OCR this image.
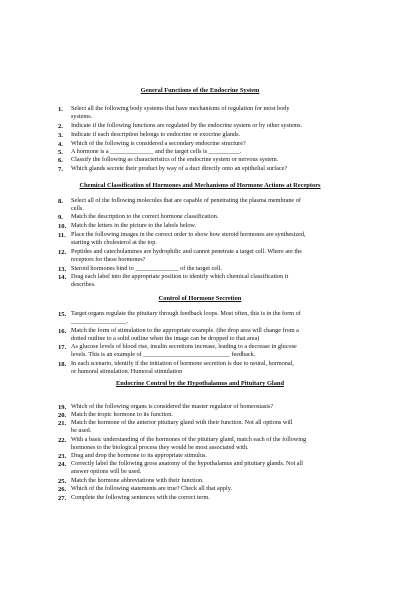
General Functions of the Endocrine System
1.	Select all the following body systems that have mechanisms of regulation for most body
systems.
2.	Indicate if the following functions are regulated by the endocrine system or by other systems.
3.	Indicate if each description belongs to endocrine or exocrine glands.
4.	Which of the following is considered a secondary endocrine structure?
5.	A hormone is a ______________ and the target cells is __________.
6.	Classify the following as characteristics of the endocrine system or nervous system.
7.	Which glands secrete their product by way of a duct directly onto an epithelial surface?
Chemical Classification of Hormones and Mechanisms of Hormone Actions at Receptors
8.	Select all of the following molecules that are capable of penetrating the plasma membrane of
cells.
9.	Match the description to the correct hormone classification.
10. Match the letters in the picture to the labels below.
11. Place the following images in the correct order to show how steroid hormones are synthesized,
starting with cholesterol at the top.
12. Peptides and catecholamines are hydrophilic and cannot penetrate a target cell. Where are the
receptors for these hormones?
13. Steroid hormones bind to ______________ of the target cell.
14. Drag each label into the appropriate position to identify which chemical classification it
describes.
Control of Hormone Secretion
15. Target organs regulate the pituitary through feedback loops. Most often, this is in the form of
__________________.
16. Match the form of stimulation to the appropriate example. (the drop area will change from a
dotted outline to a solid outline when the image can be dropped to that area)
17. As glucose levels of blood rise, insulin secretions increase, leading to a decrease in glucose
levels. This is an example of ____________________________ feedback.
18. In each scenario, identify if the initiation of hormone secretion is due to neural, hormonal,
or humoral stimulation. Humoral stimulation
Endocrine Control by the Hypothalamus and Pituitary Gland
19. Which of the following organs is considered the master regulator of homeostasis?
20. Match the tropic hormone to its function.
21. Match the hormone of the anterior pituitary gland with their function. Not all options will
be used.
22. With a basic understanding of the hormones of the pituitary gland, match each of the following
hormones to the biological process they would be most associated with.
23. Drag and drop the hormone to its appropriate stimulus.
24. Correctly label the following gross anatomy of the hypothalamus and pituitary glands. Not all
answer options will be used.
25. Match the hormone abbreviations with their function.
26. Which of the following statements are true? Check all that apply.
27. Complete the following sentences with the correct term.
